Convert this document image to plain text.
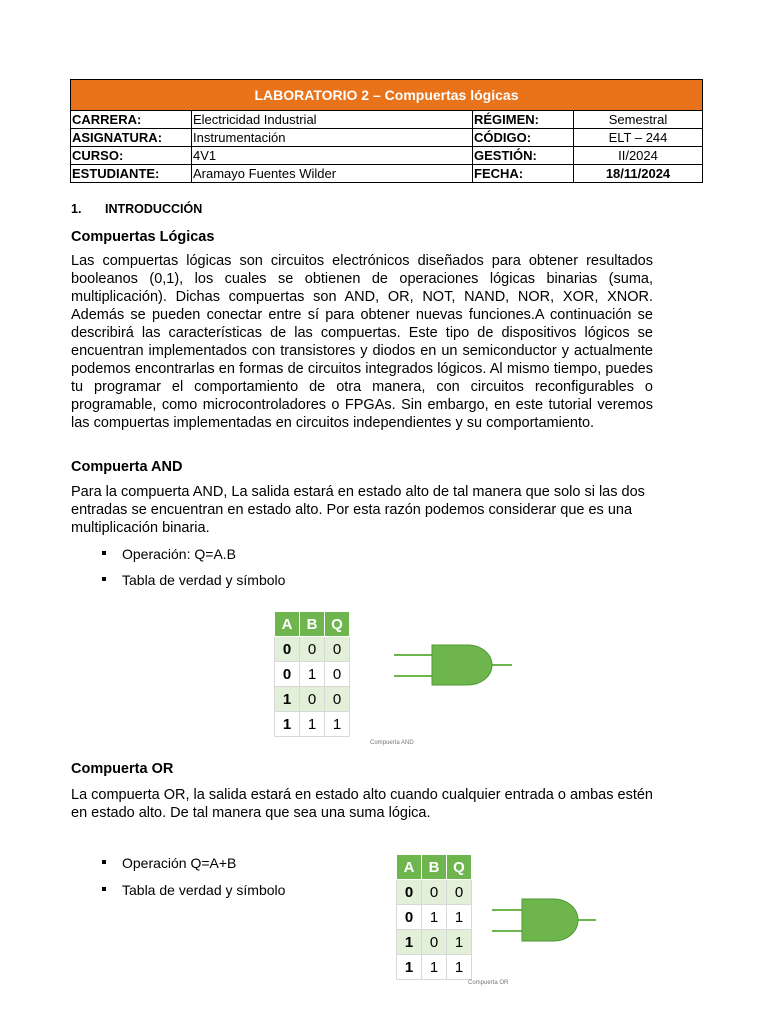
LABORATORIO 2 – Compuertas lógicas			
CARRERA:	Electricidad Industrial	RÉGIMEN:	Semestral
ASIGNATURA:	Instrumentación	CÓDIGO:	ELT – 244
CURSO:	4V1	GESTIÓN:	II/2024
ESTUDIANTE:	Aramayo Fuentes Wilder	FECHA:	18/11/2024
1. INTRODUCCIÓN
Compuertas Lógicas
Las compuertas lógicas son circuitos electrónicos diseñados para obtener resultados booleanos (0,1), los cuales se obtienen de operaciones lógicas binarias (suma, multiplicación). Dichas compuertas son AND, OR, NOT, NAND, NOR, XOR, XNOR. Además se pueden conectar entre sí para obtener nuevas funciones.A continuación se describirá las características de las compuertas. Este tipo de dispositivos lógicos se encuentran implementados con transistores y diodos en un semiconductor y actualmente podemos encontrarlas en formas de circuitos integrados lógicos. Al mismo tiempo, puedes tu programar el comportamiento de otra manera, con circuitos reconfigurables o programable, como microcontroladores o FPGAs. Sin embargo, en este tutorial veremos las compuertas implementadas en circuitos independientes y su comportamiento.
Compuerta AND
Para la compuerta AND, La salida estará en estado alto de tal manera que solo si las dos entradas se encuentran en estado alto. Por esta razón podemos considerar que es una multiplicación binaria.
Operación: Q=A.B
Tabla de verdad y símbolo
A	B	Q
0	0	0
0	1	0
1	0	0
1	1	1
Compuerta AND
Compuerta OR
La compuerta OR, la salida estará en estado alto cuando cualquier entrada o ambas estén en estado alto. De tal manera que sea una suma lógica.
Operación Q=A+B
Tabla de verdad y símbolo
A	B	Q
0	0	0
0	1	1
1	0	1
1	1	1
Compuerta OR
